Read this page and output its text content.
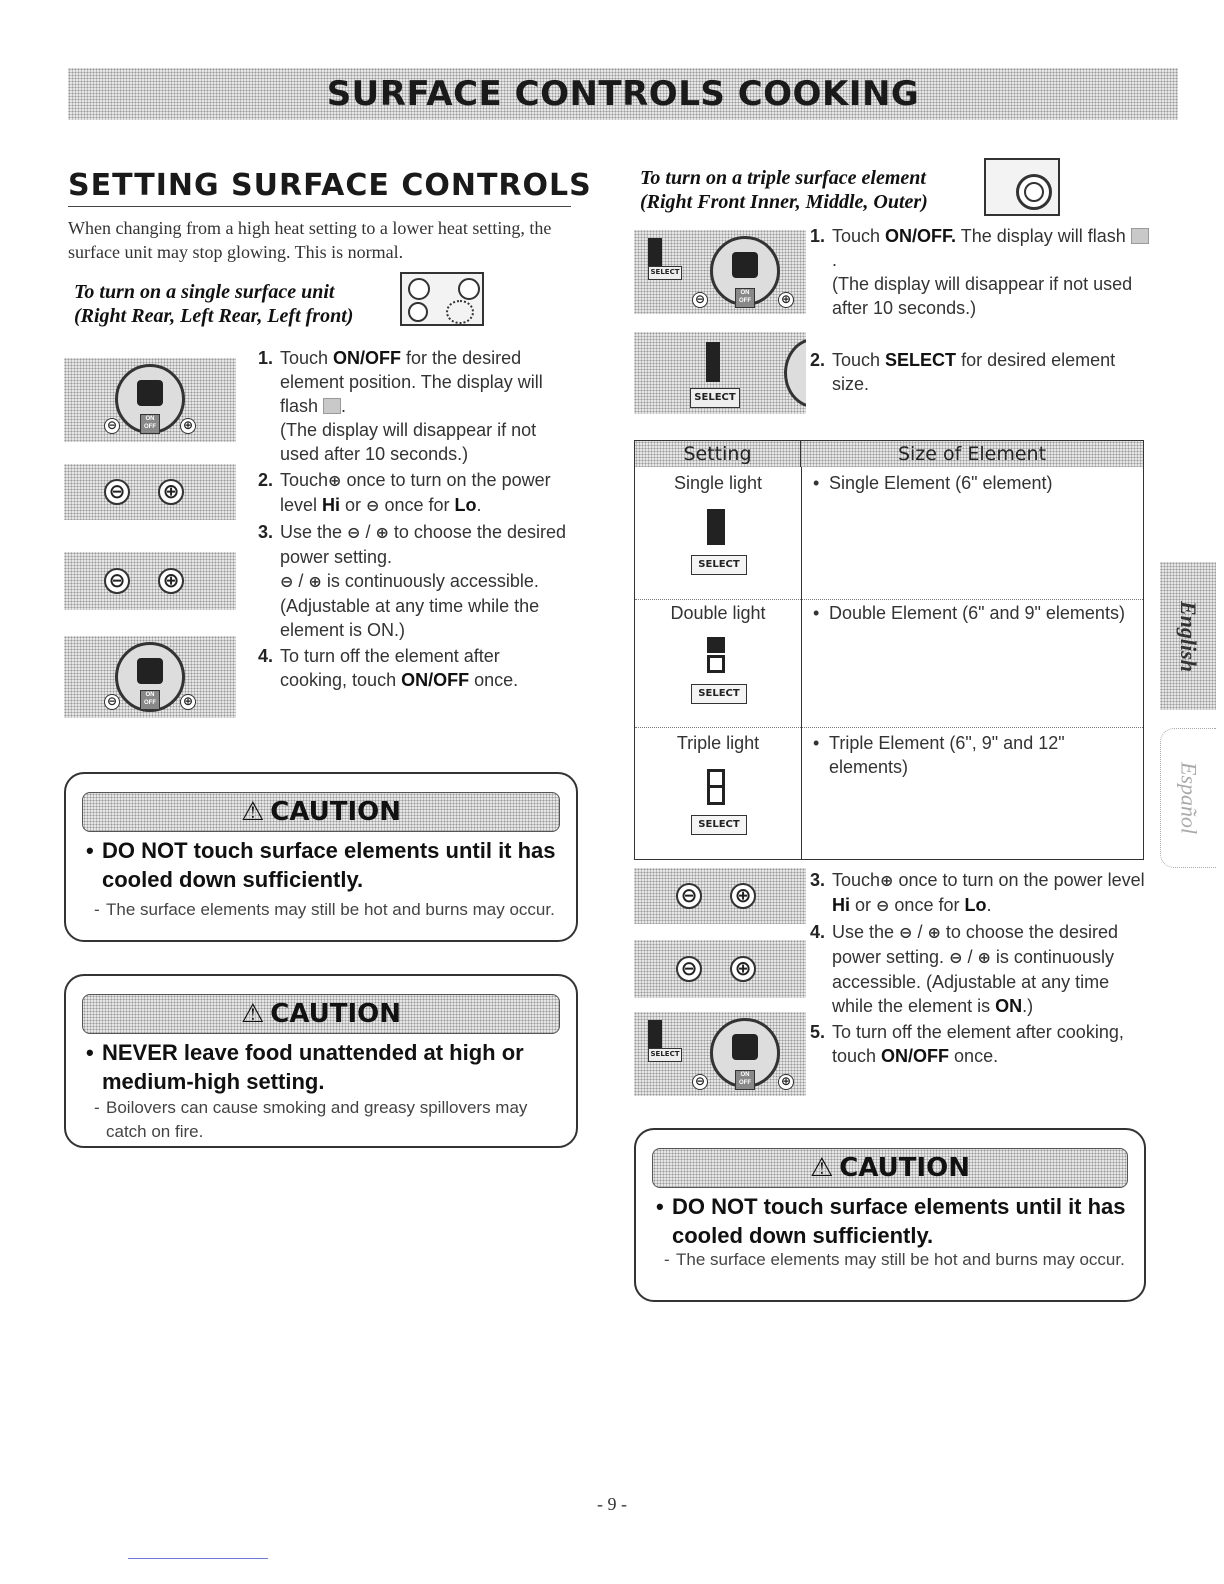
SURFACE CONTROLS COOKING
SETTING SURFACE CONTROLS

When changing from a high heat setting to a lower heat setting, the surface unit may stop glowing. This is normal.

To turn on a single surface unit
(Right Rear, Left Rear, Left front)
ON
OFF
⊖	⊕
⊖ ⊕
⊖ ⊕
ON
OFF
⊖	⊕
1. Touch ON/OFF for the desired element position. The display will flash .
(The display will disappear if not used after 10 seconds.)
2. Touch⊕ once to turn on the power level Hi or ⊖ once for Lo.
3. Use the ⊖ / ⊕ to choose the desired power setting.
⊖ / ⊕ is continuously accessible. (Adjustable at any time while the element is ON.)
4. To turn off the element after cooking, touch ON/OFF once.
⚠ CAUTION
• DO NOT touch surface elements until it has cooled down sufficiently.
- The surface elements may still be hot and burns may occur.
⚠ CAUTION
• NEVER leave food unattended at high or medium-high setting.
- Boilovers can cause smoking and greasy spillovers may catch on fire.
To turn on a triple surface element
(Right Front Inner, Middle, Outer)
SELECT
ON
OFF
⊖	⊕
SELECT
1. Touch ON/OFF. The display will flash .
(The display will disappear if not used after 10 seconds.)
2. Touch SELECT for desired element size.
Setting	Size of Element
Single light	• Single Element (6" element)
SELECT
Double light	• Double Element (6" and 9" elements)
SELECT
Triple light	• Triple Element (6", 9" and 12" elements)
SELECT
⊖ ⊕
⊖ ⊕
SELECT
ON
OFF
⊖	⊕
3. Touch⊕ once to turn on the power level Hi or ⊖ once for Lo.
4. Use the ⊖ / ⊕ to choose the desired power setting. ⊖ / ⊕ is continuously accessible. (Adjustable at any time while the element is ON.)
5. To turn off the element after cooking, touch ON/OFF once.
⚠ CAUTION
• DO NOT touch surface elements until it has cooled down sufficiently.
- The surface elements may still be hot and burns may occur.
English
Español
- 9 -
